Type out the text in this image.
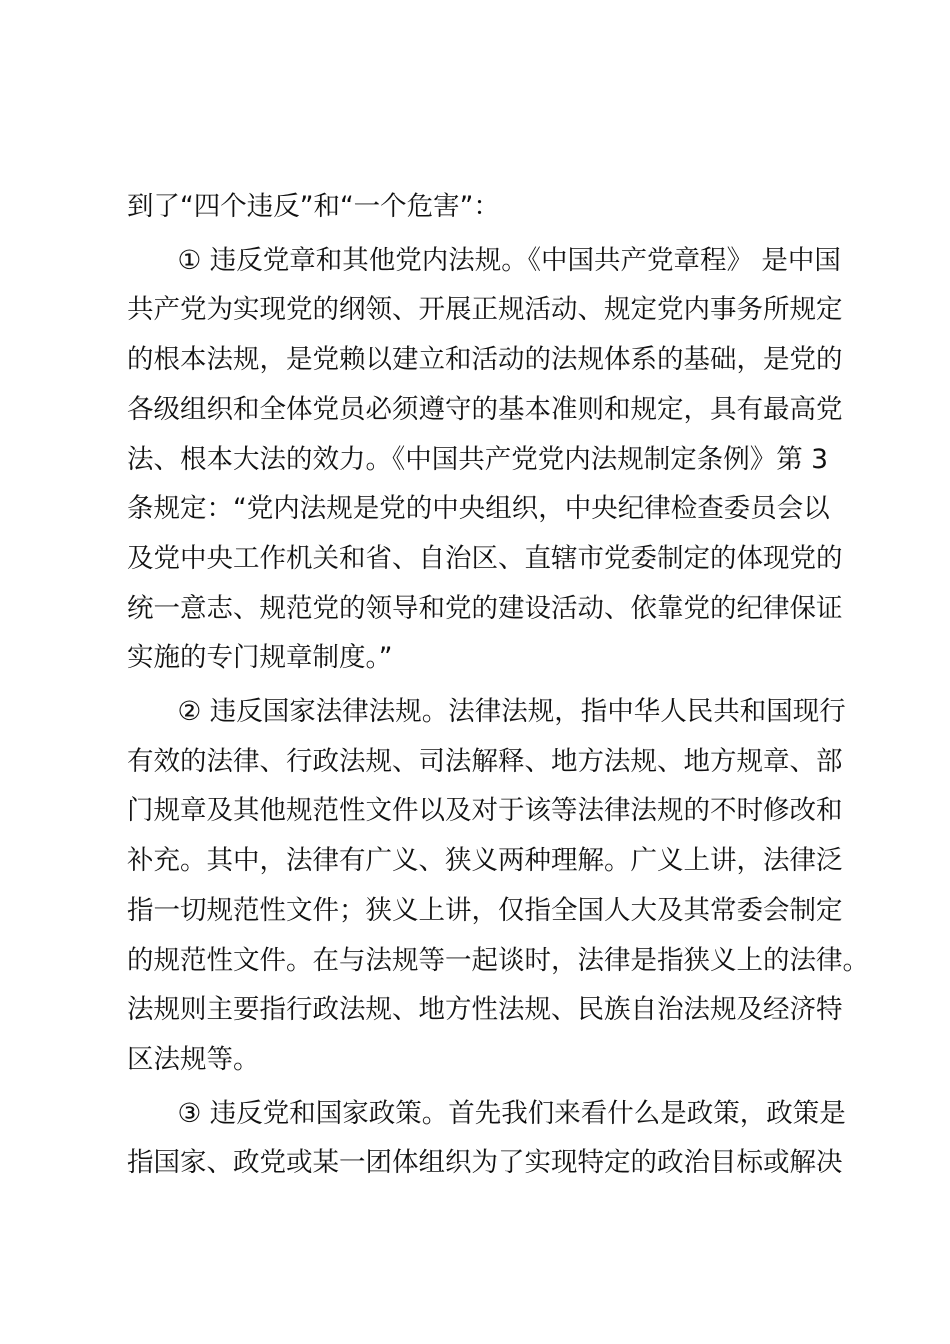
到了“四个违反”和“一个危害”：

① 违反党章和其他党内法规。《中国共产党章程》 是中国

共产党为实现党的纲领、开展正规活动、规定党内事务所规定

的根本法规，是党赖以建立和活动的法规体系的基础，是党的

各级组织和全体党员必须遵守的基本准则和规定，具有最高党

法、根本大法的效力。《中国共产党党内法规制定条例》第 3

条规定：“党内法规是党的中央组织，中央纪律检查委员会以

及党中央工作机关和省、自治区、直辖市党委制定的体现党的

统一意志、规范党的领导和党的建设活动、依靠党的纪律保证

实施的专门规章制度。”

② 违反国家法律法规。法律法规，指中华人民共和国现行

有效的法律、行政法规、司法解释、地方法规、地方规章、部

门规章及其他规范性文件以及对于该等法律法规的不时修改和

补充。其中，法律有广义、狭义两种理解。广义上讲，法律泛

指一切规范性文件；狭义上讲，仅指全国人大及其常委会制定

的规范性文件。在与法规等一起谈时，法律是指狭义上的法律。

法规则主要指行政法规、地方性法规、民族自治法规及经济特

区法规等。

③ 违反党和国家政策。首先我们来看什么是政策，政策是

指国家、政党或某一团体组织为了实现特定的政治目标或解决
